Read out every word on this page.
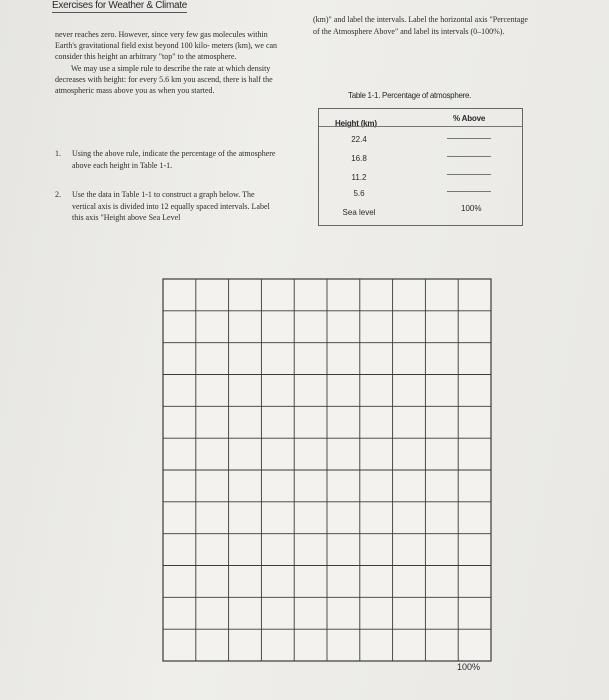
Exercises for Weather & Climate

never reaches zero. However, since very few gas molecules within Earth's gravitational field exist beyond 100 kilo- meters (km), we can consider this height an arbitrary "top" to the atmosphere.

We may use a simple rule to describe the rate at which density decreases with height: for every 5.6 km you ascend, there is half the atmospheric mass above you as when you started.

1. Using the above rule, indicate the percentage of the atmosphere above each height in Table 1-1.
2. Use the data in Table 1-1 to construct a graph below. The vertical axis is divided into 12 equally spaced intervals. Label this axis "Height above Sea Level

(km)" and label the intervals. Label the horizontal axis "Percentage of the Atmosphere Above" and label its intervals (0–100%).

Table 1-1. Percentage of atmosphere.
Height (km)
% Above
22.4
16.8
11.2
5.6
Sea level	100%
100%
